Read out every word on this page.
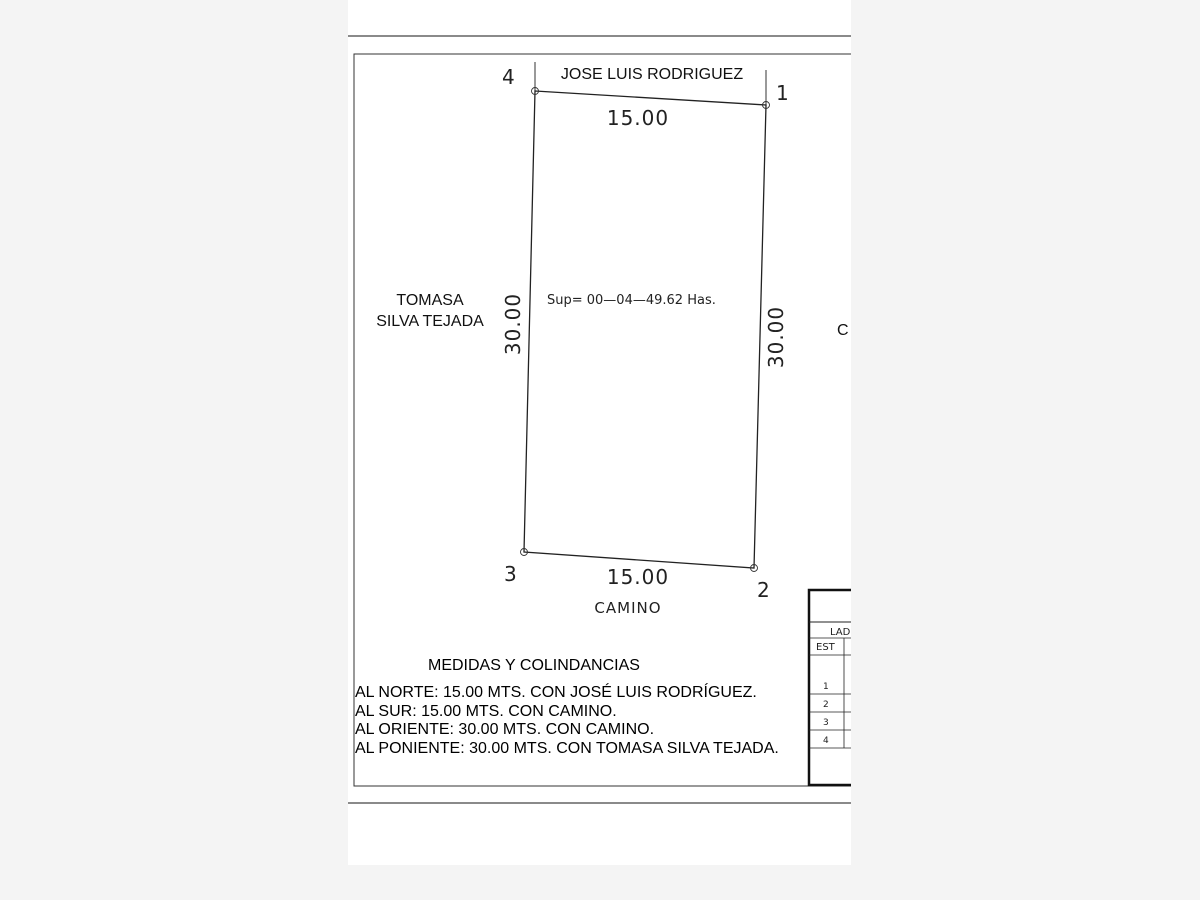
1
2
3
4	JOSE LUIS RODRIGUEZ
TOMASA
SILVA TEJADA
C
CAMINO
15.00
15.00
30.00	30.00
Sup= 00—04—49.62 Has.
LAD
EST
1
2
3
4
MEDIDAS Y COLINDANCIAS
AL NORTE: 15.00 MTS. CON JOSÉ LUIS RODRÍGUEZ.
AL SUR: 15.00 MTS. CON CAMINO.
AL ORIENTE: 30.00 MTS. CON CAMINO.
AL PONIENTE: 30.00 MTS. CON TOMASA SILVA TEJADA.
